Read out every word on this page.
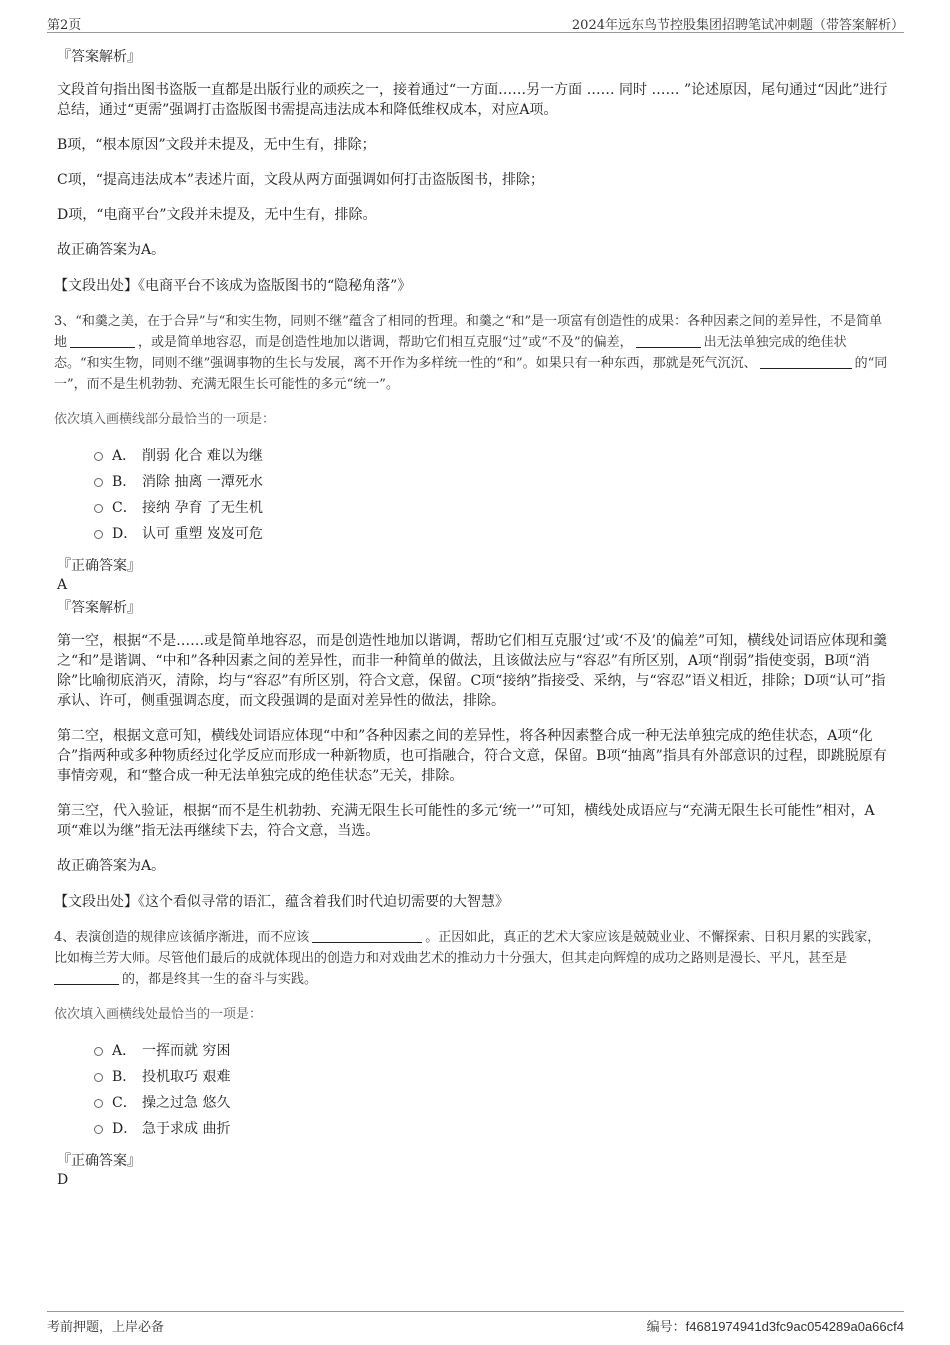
第2页	2024年远东鸟节控股集团招聘笔试冲刺题（带答案解析）
『答案解析』
文段首句指出图书盗版一直都是出版行业的顽疾之一，接着通过“一方面……另一方面 …… 同时 …… ”论述原因，尾句通过“因此”进行总结，通过“更需”强调打击盗版图书需提高违法成本和降低维权成本，对应A项。
B项，“根本原因”文段并未提及，无中生有，排除；
C项，“提高违法成本”表述片面，文段从两方面强调如何打击盗版图书，排除；
D项，“电商平台”文段并未提及，无中生有，排除。
故正确答案为A。
【文段出处】《电商平台不该成为盗版图书的“隐秘角落”》
3、“和羹之美，在于合异”与“和实生物，同则不继”蕴含了相同的哲理。和羹之“和”是一项富有创造性的成果：各种因素之间的差异性，不是简单地	，或是简单地容忍，而是创造性地加以谐调，帮助它们相互克服“过”或“不及”的偏差，	出无法单独完成的绝佳状态。“和实生物，同则不继”强调事物的生长与发展，离不开作为多样统一性的“和”。如果只有一种东西，那就是死气沉沉、	的“同一”，而不是生机勃勃、充满无限生长可能性的多元“统一”。
依次填入画横线部分最恰当的一项是：
A． 削弱 化合 难以为继
B． 消除 抽离 一潭死水
C． 接纳 孕育 了无生机
D． 认可 重塑 岌岌可危
『正确答案』
A
『答案解析』
第一空，根据“不是……或是简单地容忍，而是创造性地加以谐调，帮助它们相互克服‘过’或‘不及’的偏差”可知，横线处词语应体现和羹之“和”是谐调、“中和”各种因素之间的差异性，而非一种简单的做法，且该做法应与“容忍”有所区别，A项“削弱”指使变弱，B项“消除”比喻彻底消灭，清除，均与“容忍”有所区别，符合文意，保留。C项“接纳”指接受、采纳，与“容忍”语义相近，排除；D项“认可”指承认、许可，侧重强调态度，而文段强调的是面对差异性的做法，排除。
第二空，根据文意可知，横线处词语应体现“中和”各种因素之间的差异性，将各种因素整合成一种无法单独完成的绝佳状态，A项“化合”指两种或多种物质经过化学反应而形成一种新物质，也可指融合，符合文意，保留。B项“抽离”指具有外部意识的过程，即跳脱原有事情旁观，和“整合成一种无法单独完成的绝佳状态”无关，排除。
第三空，代入验证，根据“而不是生机勃勃、充满无限生长可能性的多元‘统一’”可知，横线处成语应与“充满无限生长可能性”相对，A项“难以为继”指无法再继续下去，符合文意，当选。
故正确答案为A。
【文段出处】《这个看似寻常的语汇，蕴含着我们时代迫切需要的大智慧》
4、表演创造的规律应该循序渐进，而不应该	。正因如此，真正的艺术大家应该是兢兢业业、不懈探索、日积月累的实践家，比如梅兰芳大师。尽管他们最后的成就体现出的创造力和对戏曲艺术的推动力十分强大，但其走向辉煌的成功之路则是漫长、平凡，甚至是
的，都是终其一生的奋斗与实践。
依次填入画横线处最恰当的一项是：
A． 一挥而就 穷困
B． 投机取巧 艰难
C． 操之过急 悠久
D． 急于求成 曲折
『正确答案』
D
考前押题，上岸必备	编号：f4681974941d3fc9ac054289a0a66cf4
